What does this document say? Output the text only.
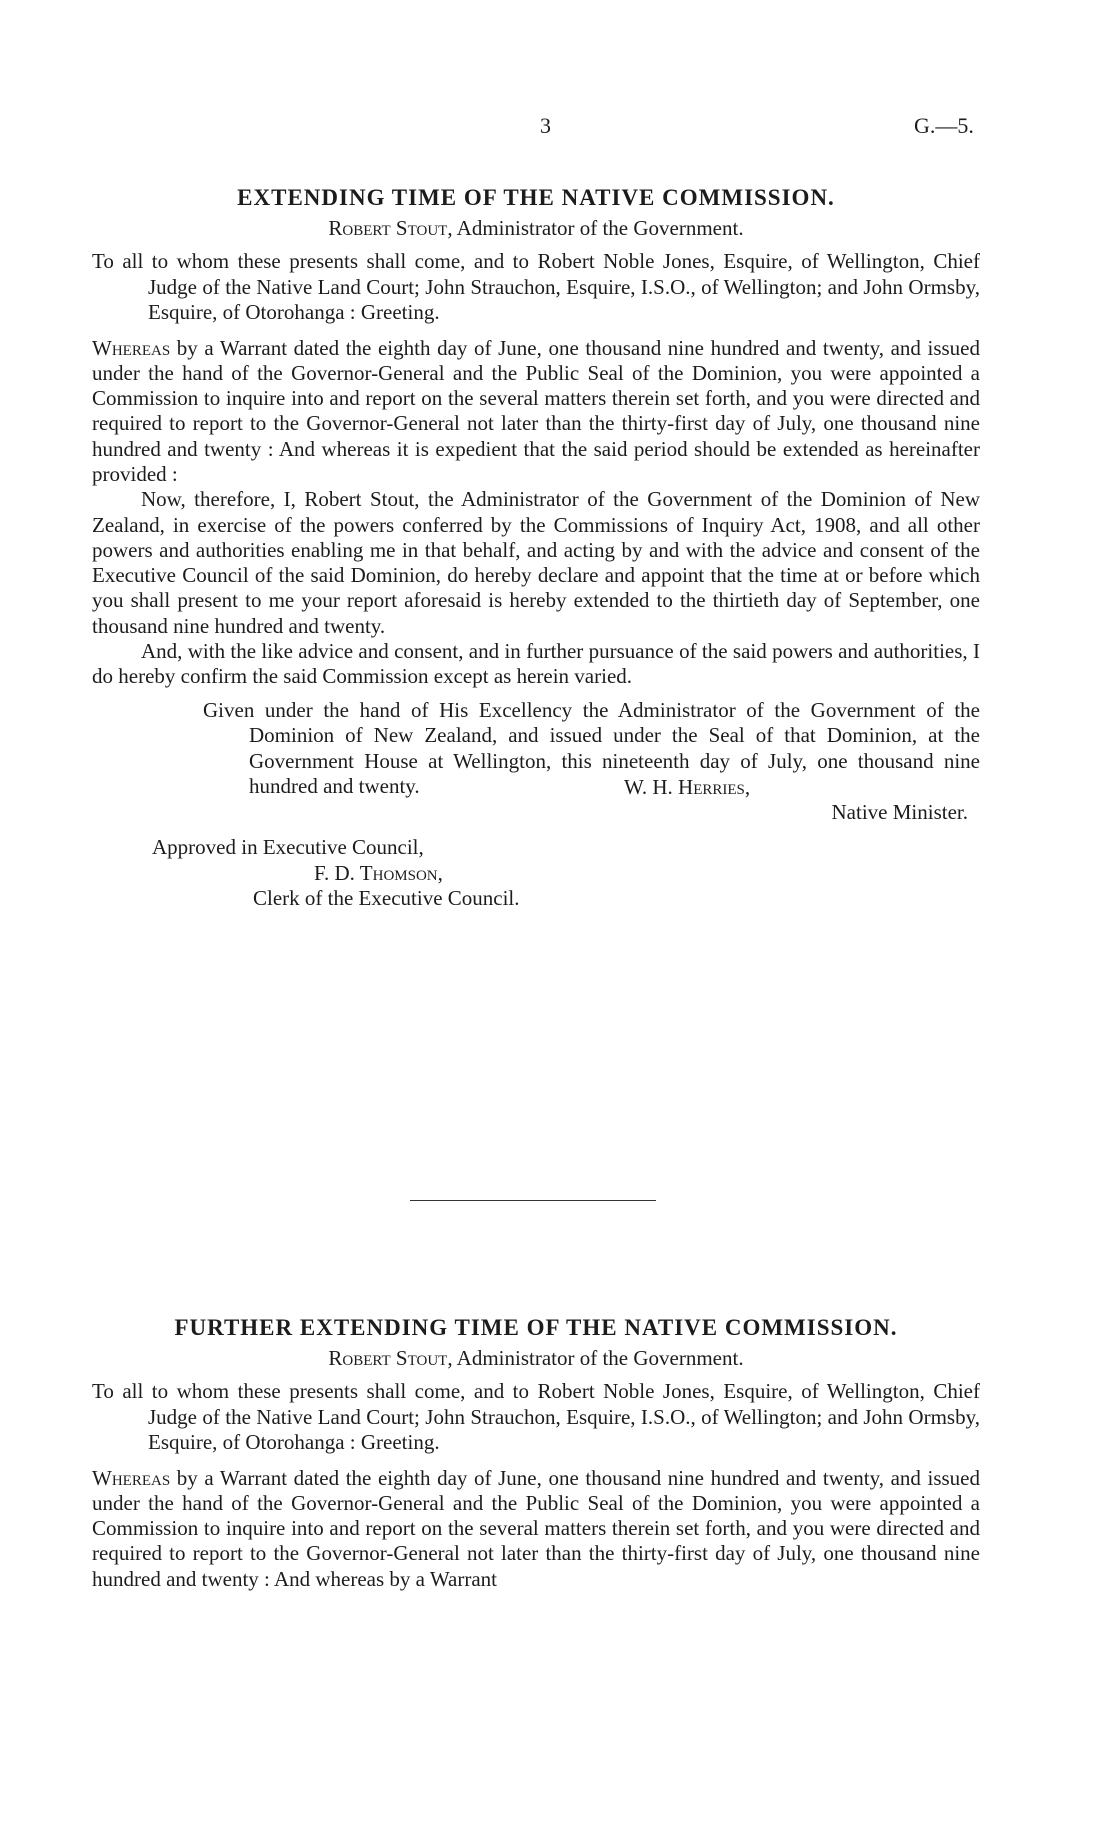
3	G.—5.
EXTENDING TIME OF THE NATIVE COMMISSION.

Robert Stout, Administrator of the Government.

To all to whom these presents shall come, and to Robert Noble Jones, Esquire, of Wellington, Chief Judge of the Native Land Court; John Strauchon, Esquire, I.S.O., of Wellington; and John Ormsby, Esquire, of Otorohanga : Greeting.

Whereas by a Warrant dated the eighth day of June, one thousand nine hundred and twenty, and issued under the hand of the Governor-General and the Public Seal of the Dominion, you were appointed a Commission to inquire into and report on the several matters therein set forth, and you were directed and required to report to the Governor-General not later than the thirty-first day of July, one thousand nine hundred and twenty : And whereas it is expedient that the said period should be extended as hereinafter provided :

Now, therefore, I, Robert Stout, the Administrator of the Government of the Dominion of New Zealand, in exercise of the powers conferred by the Commissions of Inquiry Act, 1908, and all other powers and authorities enabling me in that behalf, and acting by and with the advice and consent of the Executive Council of the said Dominion, do hereby declare and appoint that the time at or before which you shall present to me your report aforesaid is hereby extended to the thirtieth day of September, one thousand nine hundred and twenty.

And, with the like advice and consent, and in further pursuance of the said powers and authorities, I do hereby confirm the said Commission except as herein varied.

Given under the hand of His Excellency the Administrator of the Government of the Dominion of New Zealand, and issued under the Seal of that Dominion, at the Government House at Wellington, this nineteenth day of July, one thousand nine hundred and twenty.	W. H. Herries,

Native Minister.

Approved in Executive Council,
F. D. Thomson,
Clerk of the Executive Council.
FURTHER EXTENDING TIME OF THE NATIVE COMMISSION.

Robert Stout, Administrator of the Government.

To all to whom these presents shall come, and to Robert Noble Jones, Esquire, of Wellington, Chief Judge of the Native Land Court; John Strauchon, Esquire, I.S.O., of Wellington; and John Ormsby, Esquire, of Otorohanga : Greeting.

Whereas by a Warrant dated the eighth day of June, one thousand nine hundred and twenty, and issued under the hand of the Governor-General and the Public Seal of the Dominion, you were appointed a Commission to inquire into and report on the several matters therein set forth, and you were directed and required to report to the Governor-General not later than the thirty-first day of July, one thousand nine hundred and twenty : And whereas by a Warrant
